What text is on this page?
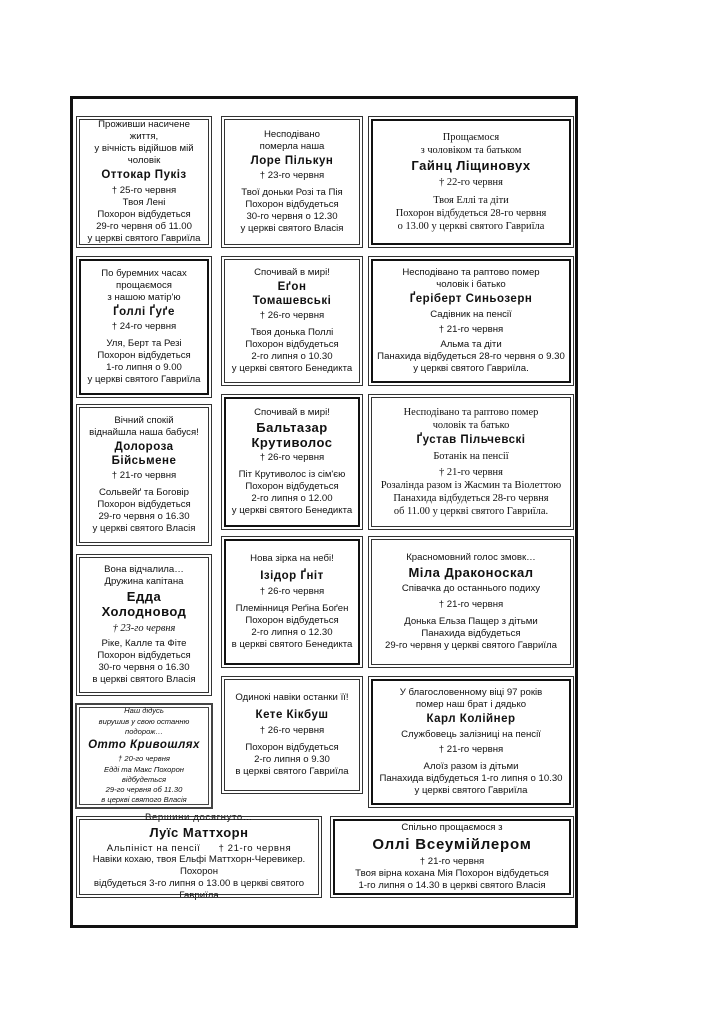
Проживши насичене життя,
у вічність відійшов мій чоловік
Оттокар Пукіз
† 25-го червня
Твоя Лені
Похорон відбудеться
29-го червня об 11.00
у церкві святого Гавриїла
Несподівано
померла наша
Лоре Пількун
† 23-го червня
Твої доньки Розі та Пія
Похорон відбудеться
30-го червня о 12.30
у церкві святого Власія
Прощаємося
з чоловіком та батьком
Гайнц Ліщиновух
† 22-го червня
Твоя Еллі та діти
Похорон відбудеться 28-го червня
о 13.00 у церкві святого Гавриїла
По буремних часах
прощаємося
з нашою матір'ю
Ґоллі Ґуґе
† 24-го червня
Уля, Берт та Резі
Похорон відбудеться
1-го липня о 9.00
у церкві святого Гавриїла
Спочивай в мирі!
Еґон Томашевські
† 26-го червня
Твоя донька Поллі
Похорон відбудеться
2-го липня о 10.30
у церкві святого Бенедикта
Несподівано та раптово помер
чоловік і батько
Ґеріберт Синьозерн
Садівник на пенсії
† 21-го червня
Альма та діти
Панахида відбудеться 28-го червня о 9.30
у церкві святого Гавриїла.
Вічний спокій
віднайшла наша бабуся!
Долороза Бійсьмене
† 21-го червня
Сольвейґ та Боговір
Похорон відбудеться
29-го червня о 16.30
у церкві святого Власія
Спочивай в мирі!
Бальтазар Крутиволос
† 26-го червня
Піт Крутиволос із сім'єю
Похорон відбудеться
2-го липня о 12.00
у церкві святого Бенедикта
Несподівано та раптово помер
чоловік та батько
Ґустав Пільчевскі
Ботанік на пенсії
† 21-го червня
Розалінда разом із Жасмин та Віолеттою
Панахида відбудеться 28-го червня
об 11.00 у церкві святого Гавриїла.
Вона відчалила…
Дружина капітана
Едда Холодновод
† 23-го червня
Ріке, Калле та Фіте
Похорон відбудеться
30-го червня о 16.30
в церкві святого Власія
Нова зірка на небі!
Ізідор Ґніт
† 26-го червня
Племінниця Реґіна Боґен
Похорон відбудеться
2-го липня о 12.30
в церкві святого Бенедикта
Красномовний голос змовк…
Міла Драконоскал
Співачка до останнього подиху
† 21-го червня
Донька Ельза Пащер з дітьми
Панахида відбудеться
29-го червня у церкві святого Гавриїла
Наш дідусь
вирушив у свою останню подорож…
Отто Кривошлях
† 20-го червня
Еддi та Макс Похорон відбудеться
29-го червня об 11.30
в церкві святого Власія
Одинокі навіки останки її!
Кете Кікбуш
† 26-го червня
Похорон відбудеться
2-го липня о 9.30
в церкві святого Гавриїла
У благословенному віці 97 років
помер наш брат і дядько
Карл Колійнер
Службовець залізниці на пенсії
† 21-го червня
Алоїз разом із дітьми
Панахида відбудеться 1-го липня о 10.30
у церкві святого Гавриїла
Вершини досягнуто…
Луїс Маттхорн
Альпініст на пенсії † 21-го червня
Навіки кохаю, твоя Ельфі Маттхорн-Черевикер. Похорон
відбудеться 3-го липня о 13.00 в церкві святого Гавриїла
Спільно прощаємося з
Оллі Всеумійлером
† 21-го червня
Твоя вірна кохана Мія Похорон відбудеться
1-го липня о 14.30 в церкві святого Власія
